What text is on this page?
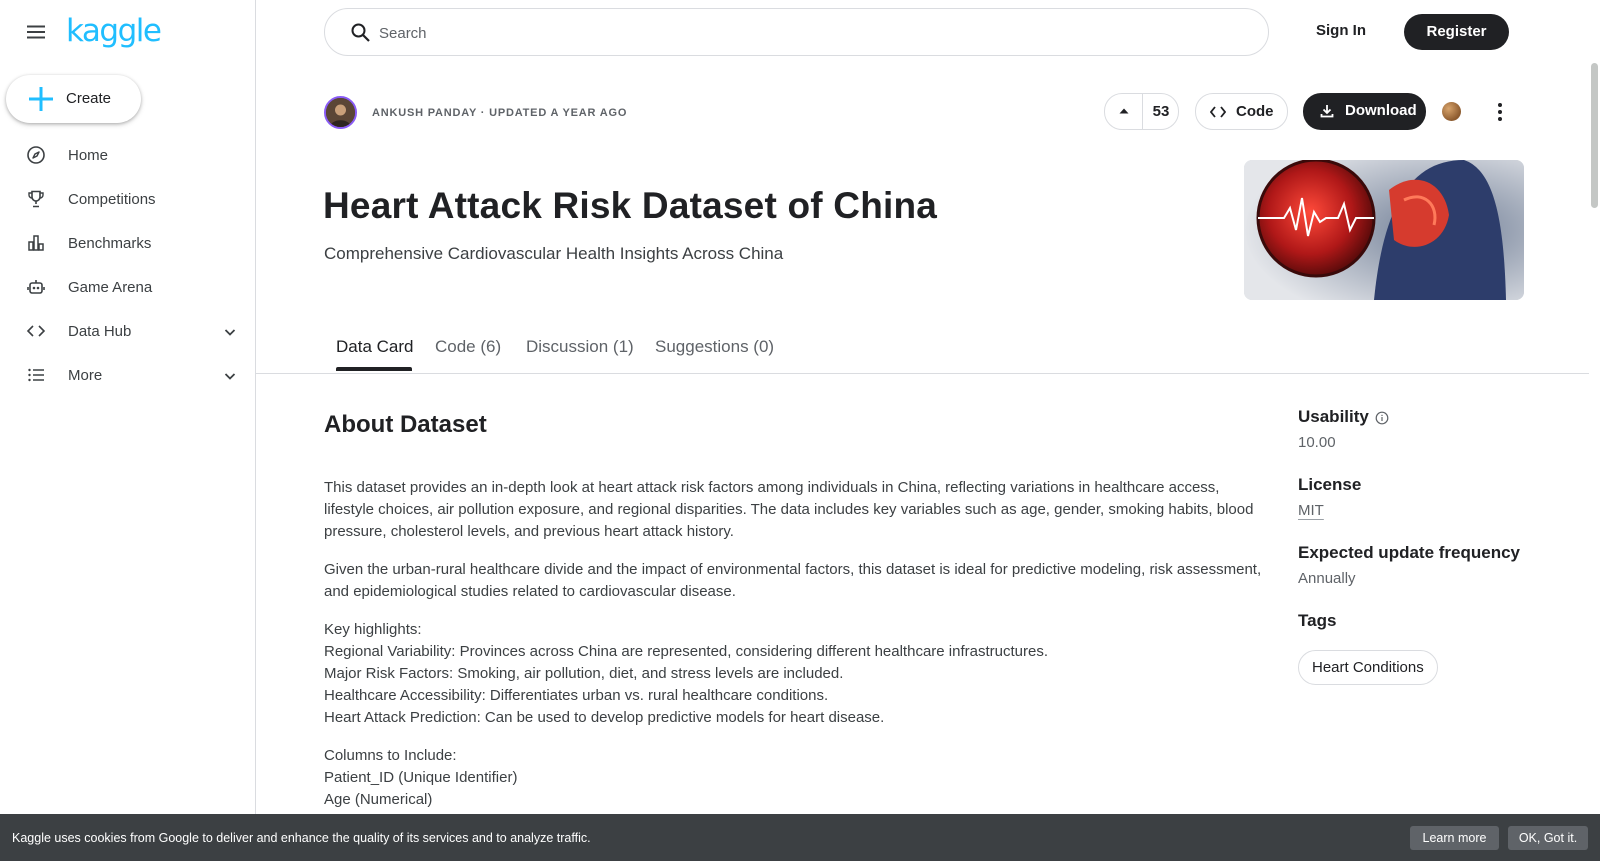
kaggle
Create
Home
Competitions
Benchmarks
Game Arena
Data Hub
More
Search
Sign In	Register
ANKUSH PANDAY · UPDATED A YEAR AGO	53	Code	Download
Heart Attack Risk Dataset of China
Comprehensive Cardiovascular Health Insights Across China
Data Card Code (6) Discussion (1) Suggestions (0)
About Dataset
This dataset provides an in-depth look at heart attack risk factors among individuals in China, reflecting variations in healthcare access,
lifestyle choices, air pollution exposure, and regional disparities. The data includes key variables such as age, gender, smoking habits, blood
pressure, cholesterol levels, and previous heart attack history.
Given the urban-rural healthcare divide and the impact of environmental factors, this dataset is ideal for predictive modeling, risk assessment,
and epidemiological studies related to cardiovascular disease.
Key highlights:
Regional Variability: Provinces across China are represented, considering different healthcare infrastructures.
Major Risk Factors: Smoking, air pollution, diet, and stress levels are included.
Healthcare Accessibility: Differentiates urban vs. rural healthcare conditions.
Heart Attack Prediction: Can be used to develop predictive models for heart disease.
Columns to Include:
Patient_ID (Unique Identifier)
Age (Numerical)
Usability
10.00
License
MIT
Expected update frequency
Annually
Tags
Heart Conditions
Kaggle uses cookies from Google to deliver and enhance the quality of its services and to analyze traffic.	Learn more	OK, Got it.
